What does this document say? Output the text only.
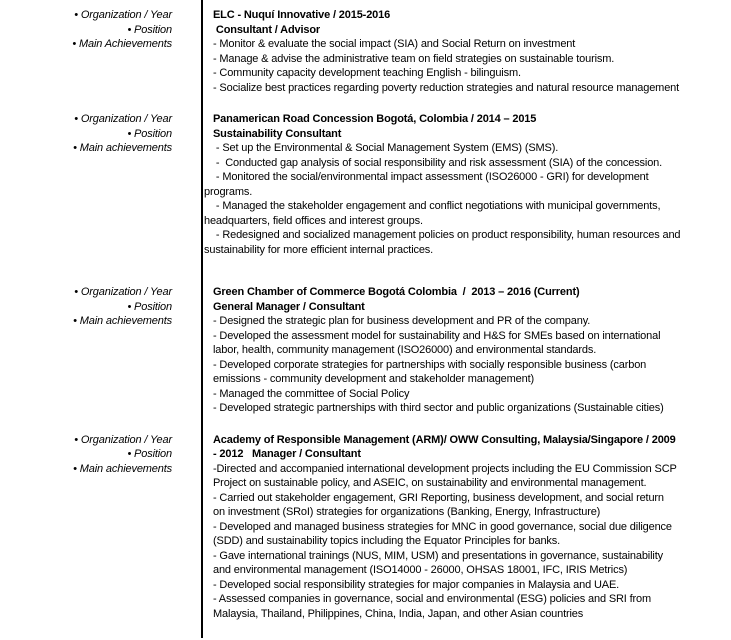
• Organization / Year
• Position
• Main Achievements
ELC - Nuquí Innovative / 2015-2016
Consultant / Advisor
- Monitor & evaluate the social impact (SIA) and Social Return on investment
- Manage & advise the administrative team on field strategies on sustainable tourism.
- Community capacity development teaching English - bilinguism.
- Socialize best practices regarding poverty reduction strategies and natural resource management
• Organization / Year
• Position
• Main achievements
Panamerican Road Concession Bogotá, Colombia / 2014 – 2015
Sustainability Consultant
- Set up the Environmental & Social Management System (EMS) (SMS).
-  Conducted gap analysis of social responsibility and risk assessment (SIA) of the concession.
- Monitored the social/environmental impact assessment (ISO26000 - GRI) for development
programs.
- Managed the stakeholder engagement and conflict negotiations with municipal governments,
headquarters, field offices and interest groups.
- Redesigned and socialized management policies on product responsibility, human resources and
sustainability for more efficient internal practices.
• Organization / Year
• Position
• Main achievements
Green Chamber of Commerce Bogotá Colombia  /  2013 – 2016 (Current)
General Manager / Consultant
- Designed the strategic plan for business development and PR of the company.
- Developed the assessment model for sustainability and H&S for SMEs based on international
labor, health, community management (ISO26000) and environmental standards.
- Developed corporate strategies for partnerships with socially responsible business (carbon
emissions - community development and stakeholder management)
- Managed the committee of Social Policy
- Developed strategic partnerships with third sector and public organizations (Sustainable cities)
• Organization / Year
• Position
• Main achievements
Academy of Responsible Management (ARM)/ OWW Consulting, Malaysia/Singapore / 2009
- 2012   Manager / Consultant
-Directed and accompanied international development projects including the EU Commission SCP
Project on sustainable policy, and ASEIC, on sustainability and environmental management.
- Carried out stakeholder engagement, GRI Reporting, business development, and social return
on investment (SRoI) strategies for organizations (Banking, Energy, Infrastructure)
- Developed and managed business strategies for MNC in good governance, social due diligence
(SDD) and sustainability topics including the Equator Principles for banks.
- Gave international trainings (NUS, MIM, USM) and presentations in governance, sustainability
and environmental management (ISO14000 - 26000, OHSAS 18001, IFC, IRIS Metrics)
- Developed social responsibility strategies for major companies in Malaysia and UAE.
- Assessed companies in governance, social and environmental (ESG) policies and SRI from
Malaysia, Thailand, Philippines, China, India, Japan, and other Asian countries
